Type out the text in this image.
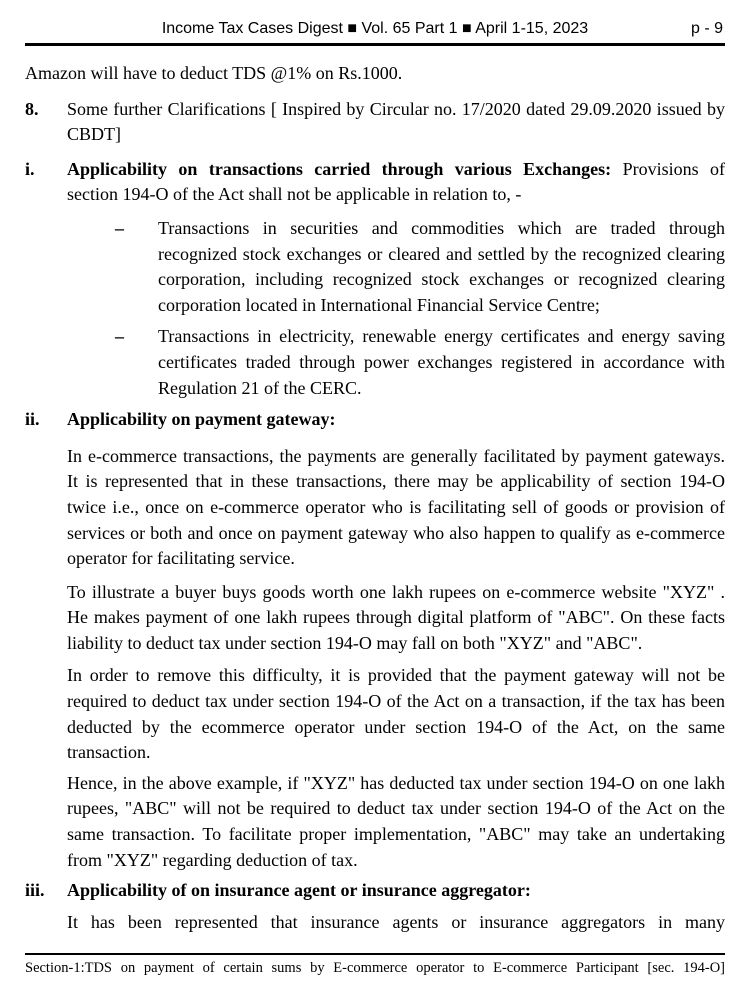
Income Tax Cases Digest ■ Vol. 65 Part 1 ■ April 1-15, 2023	p - 9

Amazon will have to deduct TDS @1% on Rs.1000.

8.	Some further Clarifications [ Inspired by Circular no. 17/2020 dated 29.09.2020 issued by CBDT]

i.	Applicability on transactions carried through various Exchanges: Provisions of section 194-O of the Act shall not be applicable in relation to, -

–	Transactions in securities and commodities which are traded through recognized stock exchanges or cleared and settled by the recognized clearing corporation, including recognized stock exchanges or recognized clearing corporation located in International Financial Service Centre;

–	Transactions in electricity, renewable energy certificates and energy saving certificates traded through power exchanges registered in accordance with Regulation 21 of the CERC.

ii.	Applicability on payment gateway:

In e-commerce transactions, the payments are generally facilitated by payment gateways. It is represented that in these transactions, there may be applicability of section 194-O twice i.e., once on e-commerce operator who is facilitating sell of goods or provision of services or both and once on payment gateway who also happen to qualify as e-commerce operator for facilitating service.

To illustrate a buyer buys goods worth one lakh rupees on e-commerce website "XYZ" . He makes payment of one lakh rupees through digital platform of "ABC". On these facts liability to deduct tax under section 194-O may fall on both "XYZ" and "ABC".

In order to remove this difficulty, it is provided that the payment gateway will not be required to deduct tax under section 194-O of the Act on a transaction, if the tax has been deducted by the ecommerce operator under section 194-O of the Act, on the same transaction.

Hence, in the above example, if "XYZ" has deducted tax under section 194-O on one lakh rupees, "ABC" will not be required to deduct tax under section 194-O of the Act on the same transaction. To facilitate proper implementation, "ABC" may take an undertaking from "XYZ" regarding deduction of tax.

iii.	Applicability of on insurance agent or insurance aggregator:

It has been represented that insurance agents or insurance aggregators in many

Section-1:TDS on payment of certain sums by E-commerce operator to E-commerce Participant [sec. 194-O]
